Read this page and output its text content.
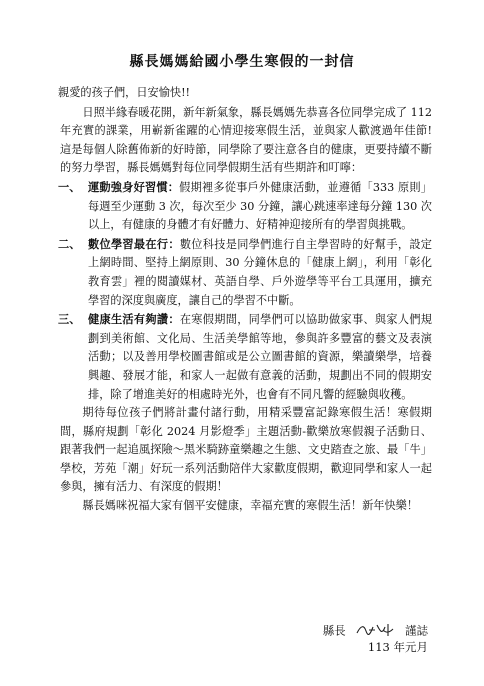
縣長媽媽給國小學生寒假的一封信

親愛的孩子們，日安愉快!!

日照半緣春暖花開，新年新氣象，縣長媽媽先恭喜各位同學完成了 112 年充實的課業，用嶄新雀躍的心情迎接寒假生活，並與家人歡渡過年佳節!這是每個人除舊佈新的好時節，同學除了要注意各自的健康，更要持續不斷的努力學習，縣長媽媽對每位同學假期生活有些期許和叮嚀：

一、 運動強身好習慣：假期裡多從事戶外健康活動，並遵循「333 原則」 每週至少運動 3 次，每次至少 30 分鐘，讓心跳速率達每分鐘 130 次以上，有健康的身體才有好體力、好精神迎接所有的學習與挑戰。
二、 數位學習最在行：數位科技是同學們進行自主學習時的好幫手，設定上網時間、堅持上網原則、30 分鐘休息的「健康上網」，利用「彰化教育雲」裡的閱讀媒材、英語自學、戶外遊學等平台工具運用，擴充學習的深度與廣度，讓自己的學習不中斷。
三、 健康生活有夠讚：在寒假期間，同學們可以協助做家事、與家人們規劃到美術館、文化局、生活美學館等地，參與許多豐富的藝文及表演活動；以及善用學校圖書館或是公立圖書館的資源，樂讀樂學，培養興趣、發展才能，和家人一起做有意義的活動，規劃出不同的假期安排，除了增進美好的相處時光外，也會有不同凡響的經驗與收穫。

期待每位孩子們將計畫付諸行動，用精采豐富記錄寒假生活！寒假期間，縣府規劃「彰化 2024 月影燈季」主題活動-歡樂放寒假親子活動日、跟著我們一起追風探險～黑米騎跡童樂趣之生態、文史踏查之旅、最「牛」學校，芳苑「潮」好玩一系列活動陪伴大家歡度假期，歡迎同學和家人一起參與，擁有活力、有深度的假期！

縣長媽咪祝福大家有個平安健康，幸福充實的寒假生活！新年快樂！

縣長	謹誌
113 年元月
